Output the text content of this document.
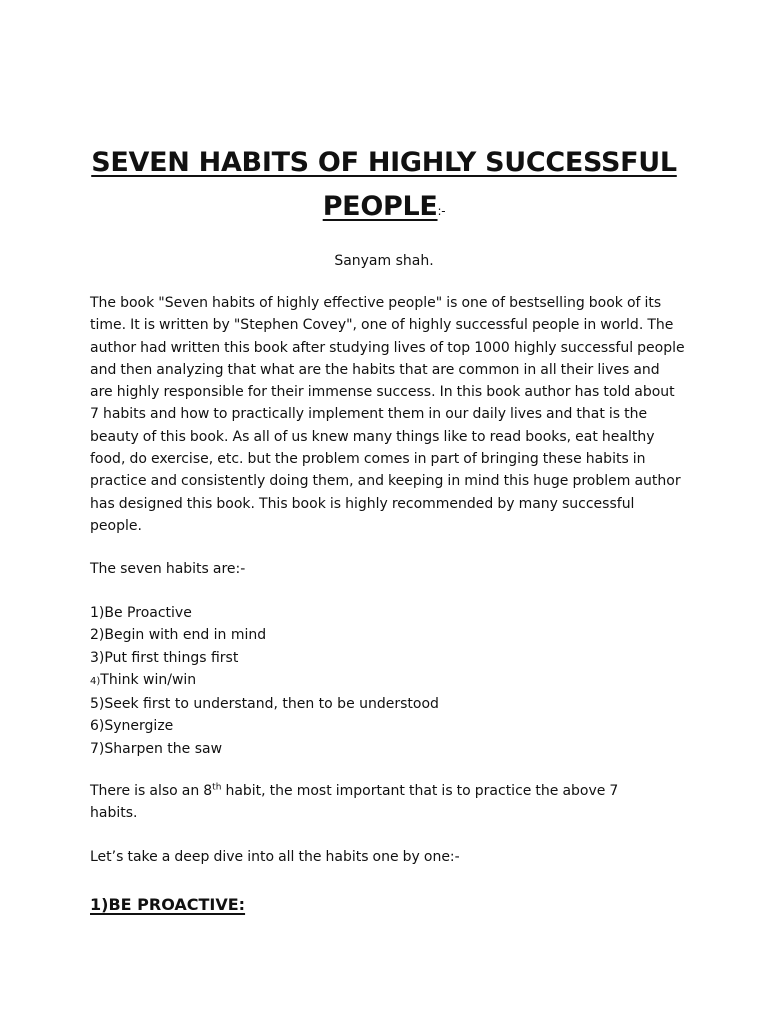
SEVEN HABITS OF HIGHLY SUCCESSFUL
PEOPLE:-
Sanyam shah.

The book "Seven habits of highly effective people" is one of bestselling book of its time. It is written by "Stephen Covey", one of highly successful people in world. The author had written this book after studying lives of top 1000 highly successful people and then analyzing that what are the habits that are common in all their lives and are highly responsible for their immense success. In this book author has told about 7 habits and how to practically implement them in our daily lives and that is the beauty of this book. As all of us knew many things like to read books, eat healthy food, do exercise, etc. but the problem comes in part of bringing these habits in practice and consistently doing them, and keeping in mind this huge problem author has designed this book. This book is highly recommended by many successful people.

The seven habits are:-

1)Be Proactive
2)Begin with end in mind
3)Put first things first
4)Think win/win
5)Seek first to understand, then to be understood
6)Synergize
7)Sharpen the saw

There is also an 8th habit, the most important that is to practice the above 7 habits.

Let’s take a deep dive into all the habits one by one:-

1)BE PROACTIVE:
